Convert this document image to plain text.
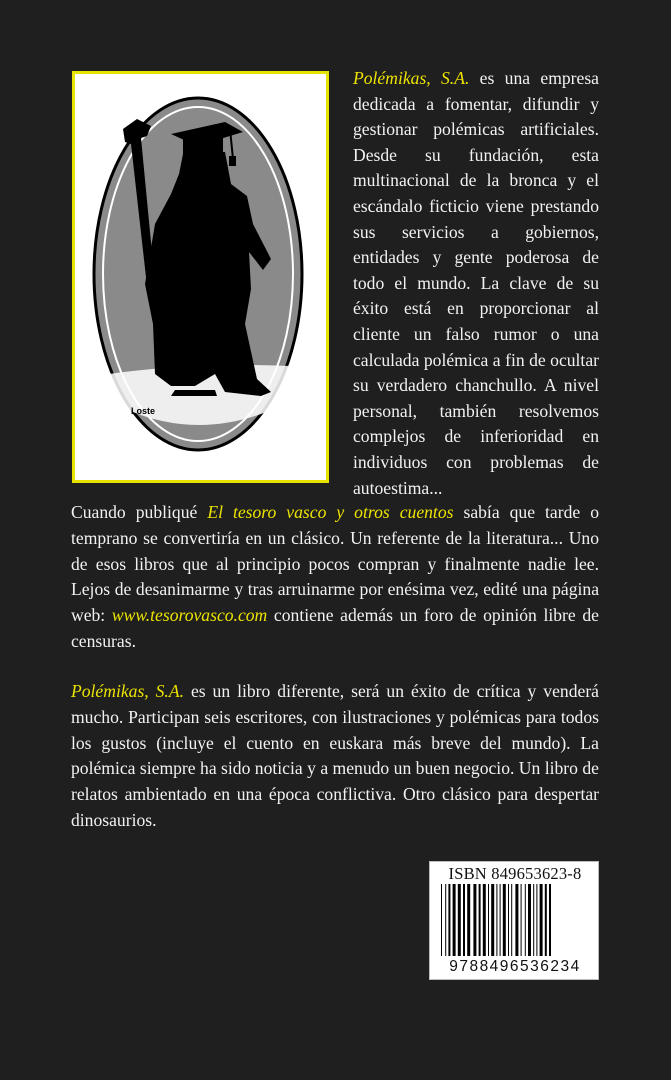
Loste

Polémikas, S.A. es una empresa dedicada a fomentar, difundir y gestionar polémicas artificiales. Desde su fundación, esta multinacional de la bronca y el escándalo ficticio viene prestando sus servicios a gobiernos, entidades y gente poderosa de todo el mundo. La clave de su éxito está en proporcionar al cliente un falso rumor o una calculada polémica a fin de ocultar su verdadero chanchullo. A nivel personal, también resolvemos complejos de inferioridad en individuos con problemas de autoestima...

Cuando publiqué El tesoro vasco y otros cuentos sabía que tarde o temprano se convertiría en un clásico. Un referente de la literatura... Uno de esos libros que al principio pocos compran y finalmente nadie lee. Lejos de desanimarme y tras arruinarme por enésima vez, edité una página web: www.tesorovasco.com contiene además un foro de opinión libre de censuras.

Polémikas, S.A. es un libro diferente, será un éxito de crítica y venderá mucho. Participan seis escritores, con ilustraciones y polémicas para todos los gustos (incluye el cuento en euskara más breve del mundo). La polémica siempre ha sido noticia y a menudo un buen negocio. Un libro de relatos ambientado en una época conflictiva. Otro clásico para despertar dinosaurios.

ISBN 849653623-8
9788496536234
